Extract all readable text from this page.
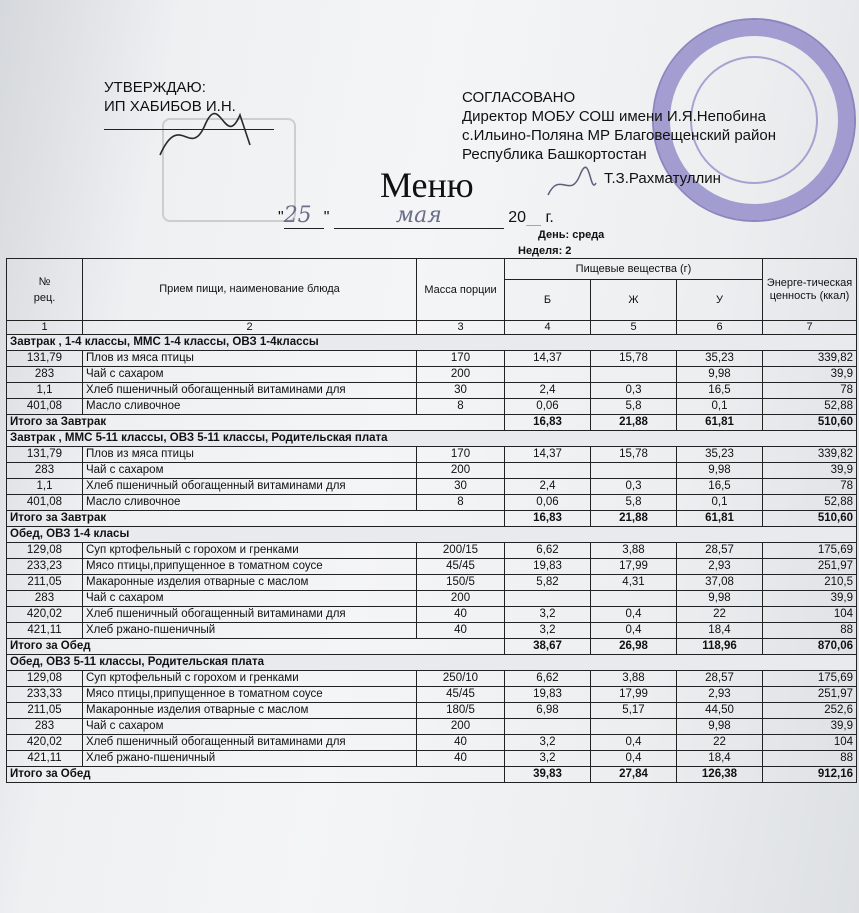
УТВЕРЖДАЮ:
ИП ХАБИБОВ И.Н.
СОГЛАСОВАНО
Директор МОБУ СОШ имени И.Я.Непобина
с.Ильино-Поляна МР Благовещенский район
Республика Башкортостан
Меню	Т.З.Рахматуллин
"25 "	мая	20__ г.
День: среда
Неделя: 2
№
рец.	Прием пищи, наименование блюда	Масса порции	Пищевые вещества (г)			Энерге-тическая ценность (ккал)
			Б	Ж	У	
1	2	3	4	5	6	7
Завтрак , 1-4 классы, ММС 1-4 классы, ОВЗ 1-4классы						
131,79	Плов из мяса птицы	170	14,37	15,78	35,23	339,82
283	Чай с сахаром	200			9,98	39,9
1,1	Хлеб пшеничный обогащенный витаминами для	30	2,4	0,3	16,5	78
401,08	Масло сливочное	8	0,06	5,8	0,1	52,88
Итого за Завтрак			16,83	21,88	61,81	510,60
Завтрак , ММС 5-11 классы, ОВЗ 5-11 классы, Родительская плата						
131,79	Плов из мяса птицы	170	14,37	15,78	35,23	339,82
283	Чай с сахаром	200			9,98	39,9
1,1	Хлеб пшеничный обогащенный витаминами для	30	2,4	0,3	16,5	78
401,08	Масло сливочное	8	0,06	5,8	0,1	52,88
Итого за Завтрак			16,83	21,88	61,81	510,60
Обед, ОВЗ 1-4 класы						
129,08	Суп кртофельный с горохом и гренками	200/15	6,62	3,88	28,57	175,69
233,23	Мясо птицы,припущенное в томатном соусе	45/45	19,83	17,99	2,93	251,97
211,05	Макаронные изделия отварные с маслом	150/5	5,82	4,31	37,08	210,5
283	Чай с сахаром	200			9,98	39,9
420,02	Хлеб пшеничный обогащенный витаминами для	40	3,2	0,4	22	104
421,11	Хлеб ржано-пшеничный	40	3,2	0,4	18,4	88
Итого за Обед			38,67	26,98	118,96	870,06
Обед, ОВЗ 5-11 классы, Родительская плата						
129,08	Суп кртофельный с горохом и гренками	250/10	6,62	3,88	28,57	175,69
233,33	Мясо птицы,припущенное в томатном соусе	45/45	19,83	17,99	2,93	251,97
211,05	Макаронные изделия отварные с маслом	180/5	6,98	5,17	44,50	252,6
283	Чай с сахаром	200			9,98	39,9
420,02	Хлеб пшеничный обогащенный витаминами для	40	3,2	0,4	22	104
421,11	Хлеб ржано-пшеничный	40	3,2	0,4	18,4	88
Итого за Обед			39,83	27,84	126,38	912,16
